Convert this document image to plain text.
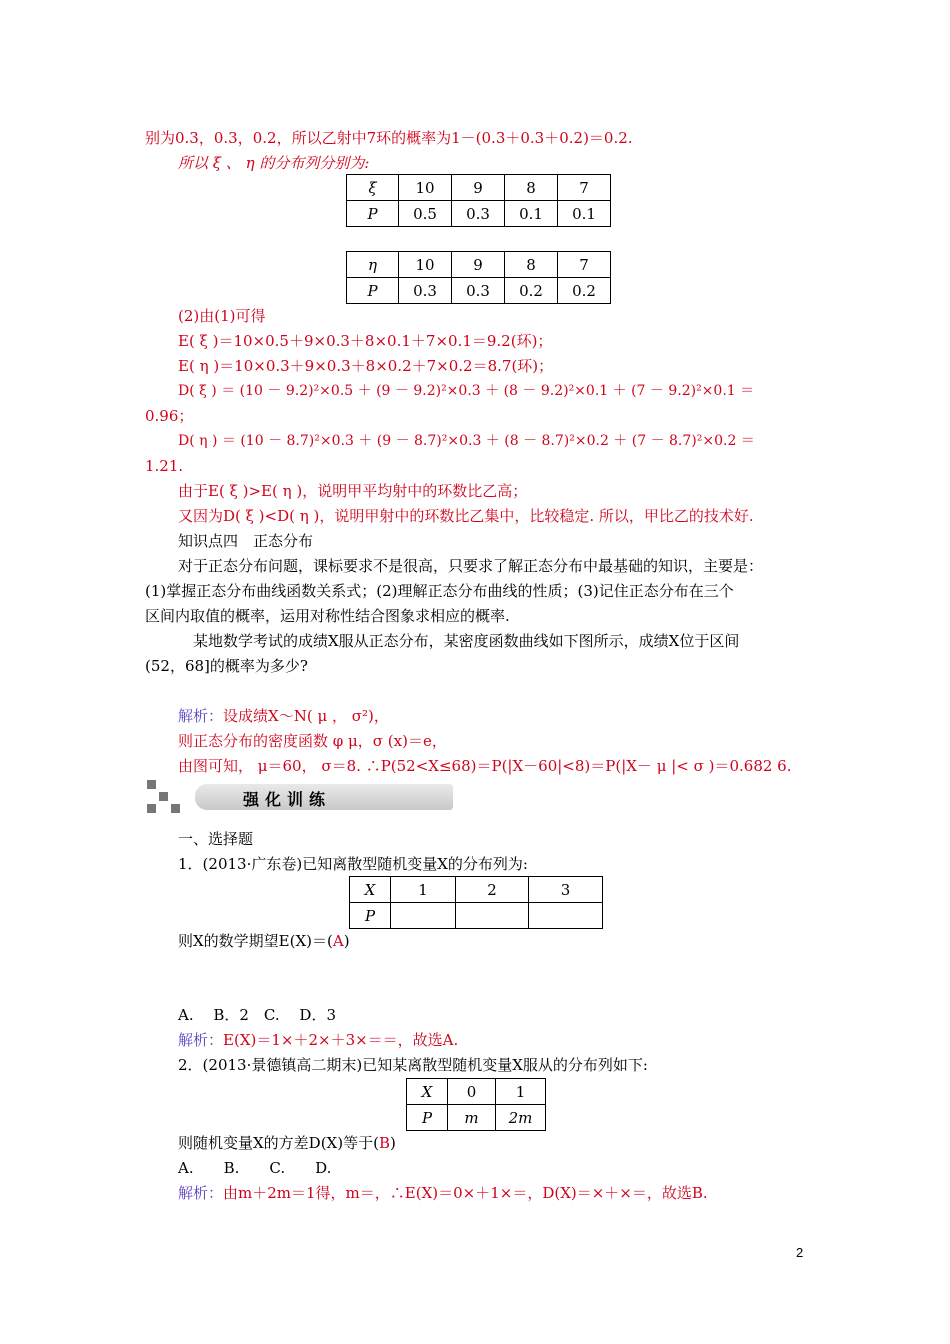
别为0.3，0.3，0.2，所以乙射中7环的概率为1－(0.3＋0.3＋0.2)＝0.2.
所以 ξ 、 η 的分布列分别为:
ξ	10	9	8	7
P	0.5	0.3	0.1	0.1
η	10	9	8	7
P	0.3	0.3	0.2	0.2
(2)由(1)可得
E( ξ )＝10×0.5＋9×0.3＋8×0.1＋7×0.1＝9.2(环)；
E( η )＝10×0.3＋9×0.3＋8×0.2＋7×0.2＝8.7(环)；
D( ξ ) ＝ (10 － 9.2)²×0.5 ＋ (9 － 9.2)²×0.3 ＋ (8 － 9.2)²×0.1 ＋ (7 － 9.2)²×0.1 ＝
0.96；
D( η ) ＝ (10 － 8.7)²×0.3 ＋ (9 － 8.7)²×0.3 ＋ (8 － 8.7)²×0.2 ＋ (7 － 8.7)²×0.2 ＝
1.21.
由于E( ξ )>E( η )，说明甲平均射中的环数比乙高；
又因为D( ξ )<D( η )，说明甲射中的环数比乙集中，比较稳定. 所以，甲比乙的技术好.
知识点四　正态分布
对于正态分布问题，课标要求不是很高，只要求了解正态分布中最基础的知识，主要是：
(1)掌握正态分布曲线函数关系式；(2)理解正态分布曲线的性质；(3)记住正态分布在三个
区间内取值的概率，运用对称性结合图象求相应的概率.
某地数学考试的成绩X服从正态分布，某密度函数曲线如下图所示，成绩X位于区间
(52，68]的概率为多少?
解析：设成绩X～N( μ ， σ²)，
则正态分布的密度函数 φ μ，σ (x)＝e，
由图可知， μ＝60， σ＝8. ∴P(52<X≤68)＝P(|X－60|<8)＝P(|X－ μ |< σ )＝0.682 6.
强化训练
一、选择题
1．(2013·广东卷)已知离散型随机变量X的分布列为:
X	1	2	3
P			
则X的数学期望E(X)＝(A)
A.　 B．2　C.　 D．3
解析：E(X)＝1×＋2×＋3×＝＝，故选A.
2．(2013·景德镇高二期末)已知某离散型随机变量X服从的分布列如下:
X	0	1
P	m	2m
则随机变量X的方差D(X)等于(B)
A.　　B.　　C.　　D.
解析：由m＋2m＝1得，m＝，∴E(X)＝0×＋1×＝，D(X)＝×＋×＝，故选B.
2
